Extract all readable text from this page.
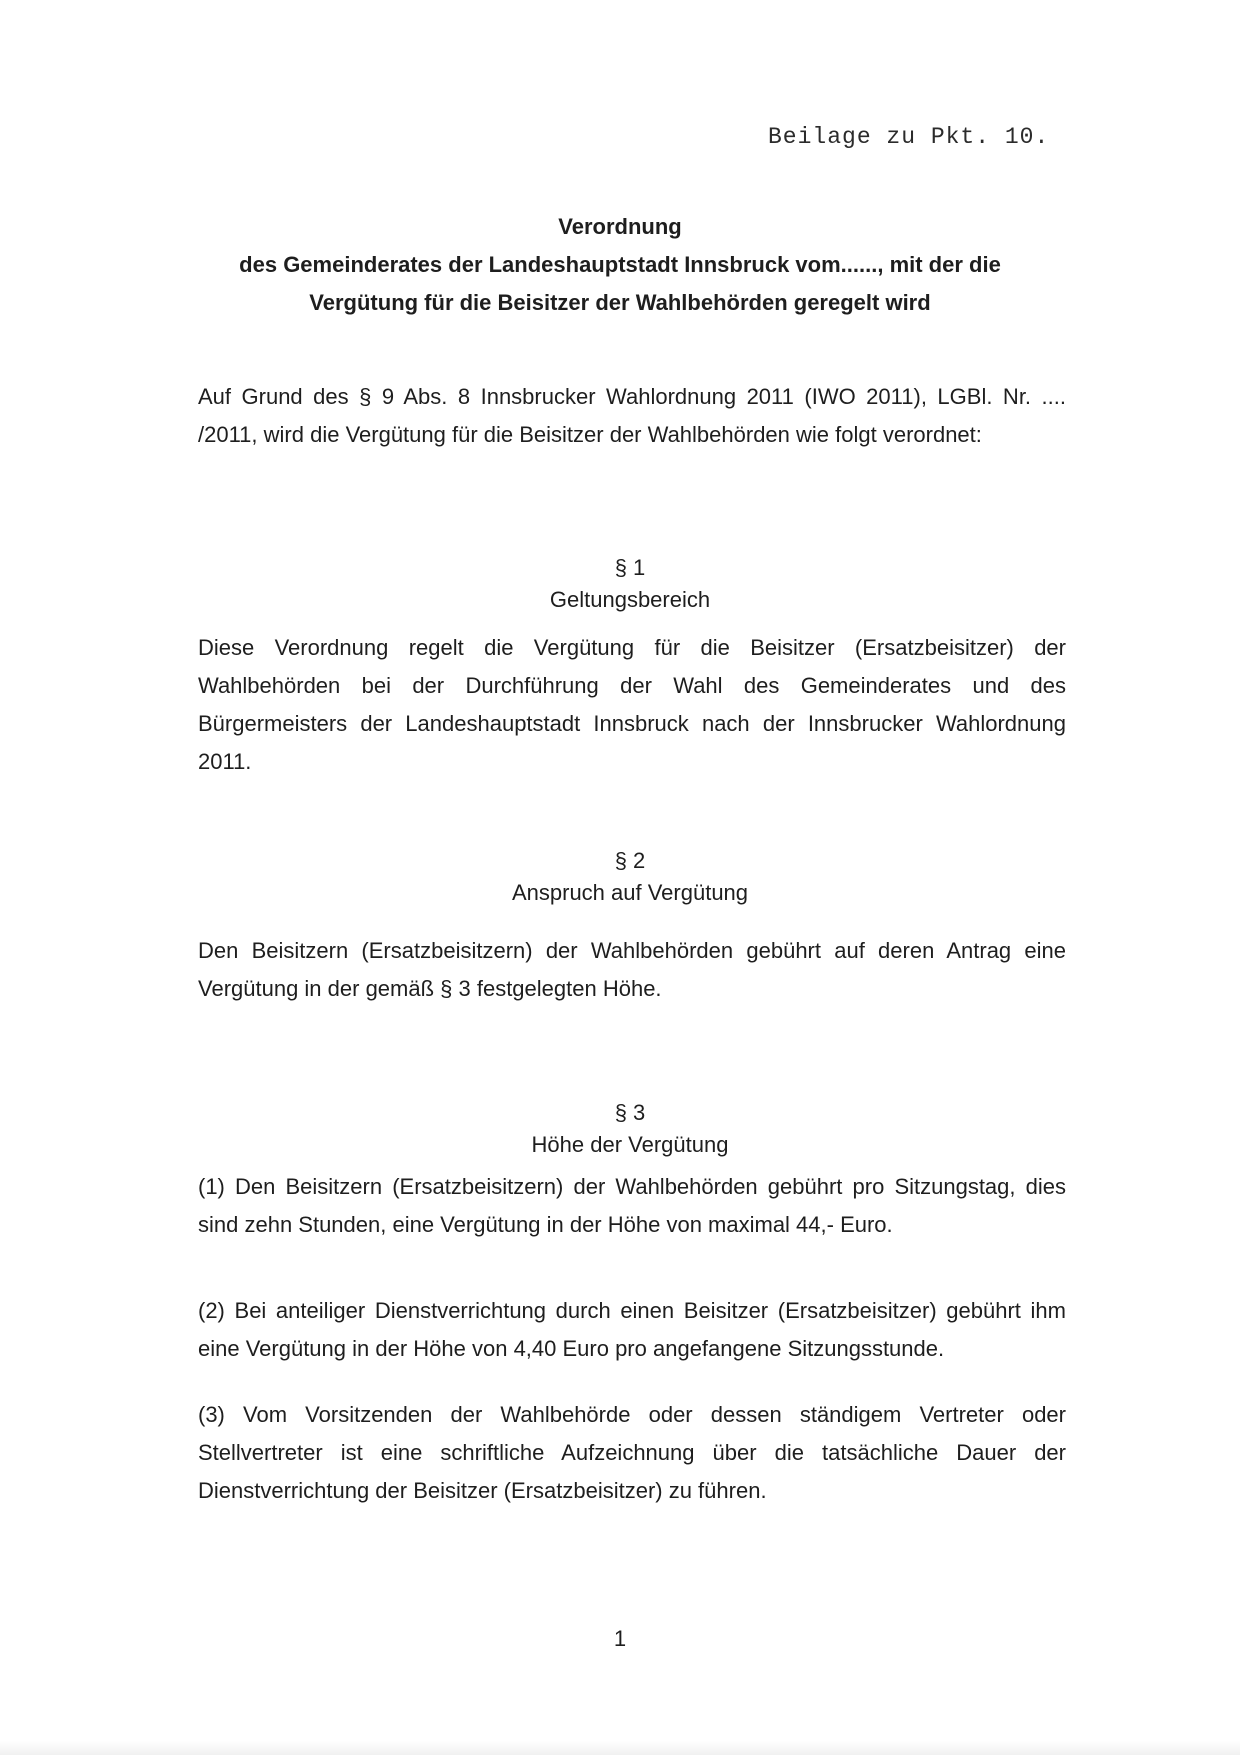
Beilage zu Pkt. 10.
Verordnung
des Gemeinderates der Landeshauptstadt Innsbruck vom......, mit der die
Vergütung für die Beisitzer der Wahlbehörden geregelt wird
Auf Grund des § 9 Abs. 8 Innsbrucker Wahlordnung 2011 (IWO 2011), LGBl. Nr. .... /2011, wird die Vergütung für die Beisitzer der Wahlbehörden wie folgt verordnet:
§ 1
Geltungsbereich
Diese Verordnung regelt die Vergütung für die Beisitzer (Ersatzbeisitzer) der Wahlbehörden bei der Durchführung der Wahl des Gemeinderates und des Bürgermeisters der Landeshauptstadt Innsbruck nach der Innsbrucker Wahlordnung 2011.
§ 2
Anspruch auf Vergütung
Den Beisitzern (Ersatzbeisitzern) der Wahlbehörden gebührt auf deren Antrag eine Vergütung in der gemäß § 3 festgelegten Höhe.
§ 3
Höhe der Vergütung
(1) Den Beisitzern (Ersatzbeisitzern) der Wahlbehörden gebührt pro Sitzungstag, dies sind zehn Stunden, eine Vergütung in der Höhe von maximal 44,- Euro.
(2) Bei anteiliger Dienstverrichtung durch einen Beisitzer (Ersatzbeisitzer) gebührt ihm eine Vergütung in der Höhe von 4,40 Euro pro angefangene Sitzungsstunde.
(3) Vom Vorsitzenden der Wahlbehörde oder dessen ständigem Vertreter oder Stellvertreter ist eine schriftliche Aufzeichnung über die tatsächliche Dauer der Dienstverrichtung der Beisitzer (Ersatzbeisitzer) zu führen.
1
